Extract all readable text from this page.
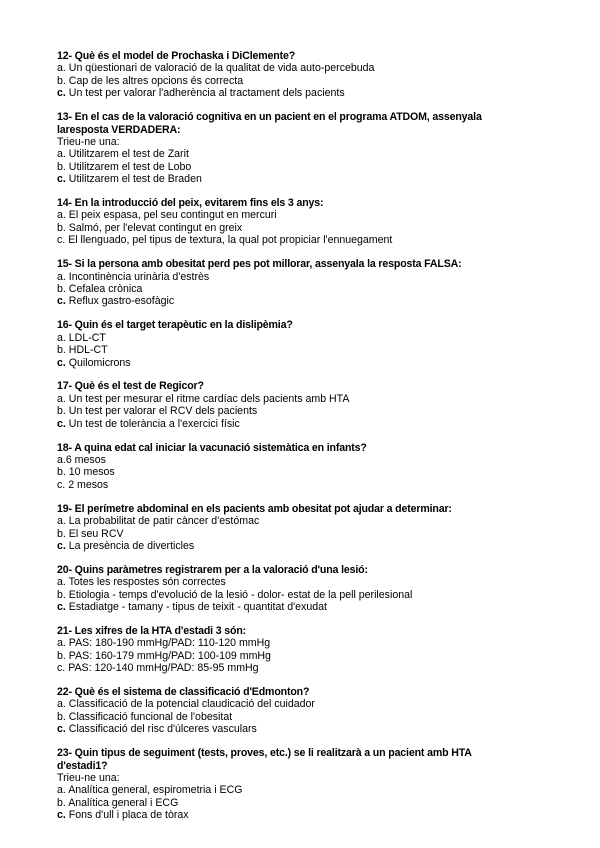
12- Què és el model de Prochaska i DiClemente?

a. Un qüestionari de valoració de la qualitat de vida auto-percebuda

b. Cap de les altres opcions és correcta

c. Un test per valorar l'adherència al tractament dels pacients

13- En el cas de la valoració cognitiva en un pacient en el programa ATDOM, assenyala laresposta VERDADERA:

Trieu-ne una:

a. Utilitzarem el test de Zarit

b. Utilitzarem el test de Lobo

c. Utilitzarem el test de Braden

14- En la introducció del peix, evitarem fins els 3 anys:

a. El peix espasa, pel seu contingut en mercuri

b. Salmó, per l'elevat contingut en greix

c. El llenguado, pel tipus de textura, la qual pot propiciar l'ennuegament

15- Si la persona amb obesitat perd pes pot millorar, assenyala la resposta FALSA:

a. Incontinència urinària d'estrès

b. Cefalea crònica

c. Reflux gastro-esofàgic

16- Quin és el target terapèutic en la dislipèmia?

a. LDL-CT

b. HDL-CT

c. Quilomicrons

17- Què és el test de Regicor?

a. Un test per mesurar el ritme cardíac dels pacients amb HTA

b. Un test per valorar el RCV dels pacients

c. Un test de tolerància a l'exercici físic

18- A quina edat cal iniciar la vacunació sistemàtica en infants?

a.6 mesos

b. 10 mesos

c. 2 mesos

19- El perímetre abdominal en els pacients amb obesitat pot ajudar a determinar:

a. La probabilitat de patir càncer d'estómac

b. El seu RCV

c. La presència de diverticles

20- Quins paràmetres registrarem per a la valoració d'una lesió:

a. Totes les respostes són correctes

b. Etiologia - temps d'evolució de la lesió - dolor- estat de la pell perilesional

c. Estadiatge - tamany - tipus de teixit - quantitat d'exudat

21- Les xifres de la HTA d'estadi 3 són:

a. PAS: 180-190 mmHg/PAD: 110-120 mmHg

b. PAS: 160-179 mmHg/PAD: 100-109 mmHg

c. PAS: 120-140 mmHg/PAD: 85-95 mmHg

22- Què és el sistema de classificació d'Edmonton?

a. Classificació de la potencial claudicació del cuidador

b. Classificació funcional de l'obesitat

c. Classificació del risc d'úlceres vasculars

23- Quin tipus de seguiment (tests, proves, etc.) se li realitzarà a un pacient amb HTA d'estadi1?

Trieu-ne una:

a. Analítica general, espirometria i ECG

b. Analítica general i ECG

c. Fons d'ull i placa de tòrax
